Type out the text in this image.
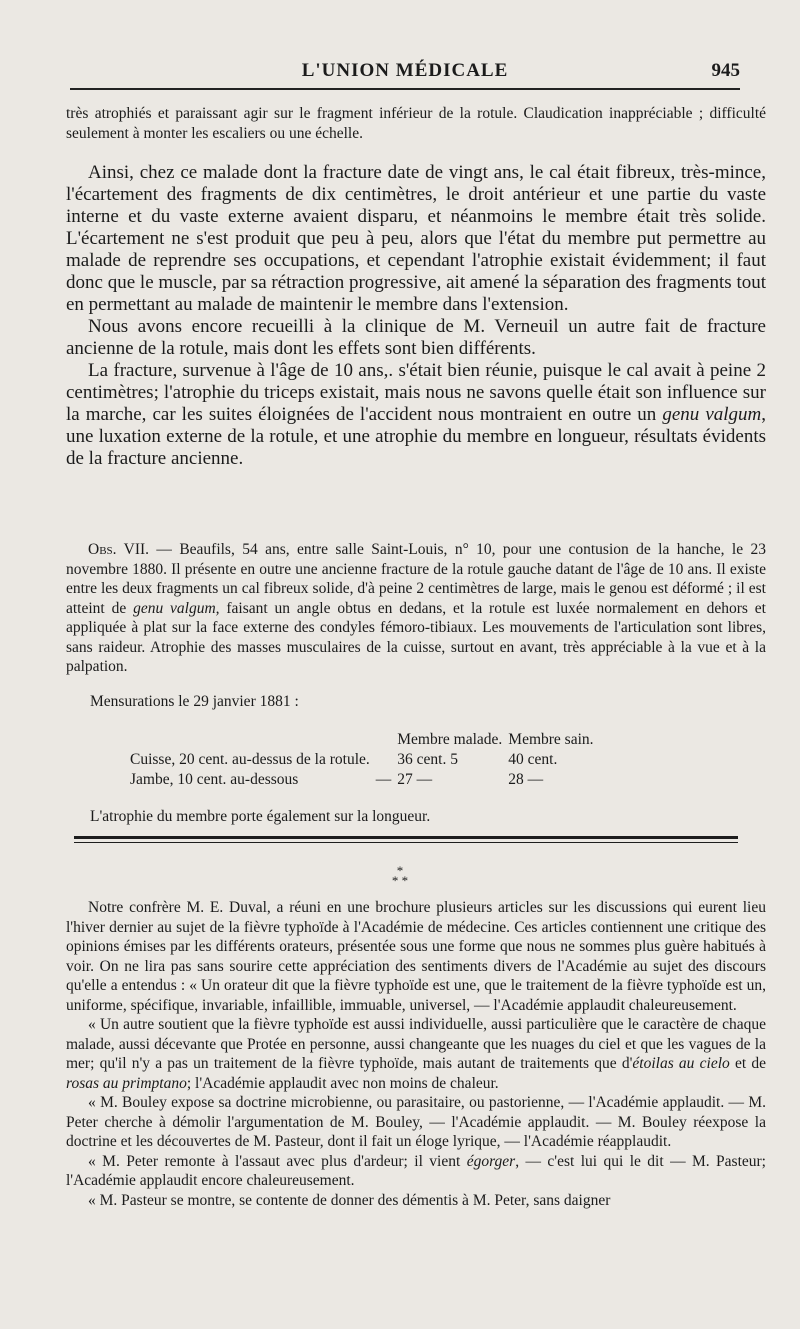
L'UNION MÉDICALE	945

très atrophiés et paraissant agir sur le fragment inférieur de la rotule. Claudication inappréciable ; difficulté seulement à monter les escaliers ou une échelle.

Ainsi, chez ce malade dont la fracture date de vingt ans, le cal était fibreux, très-mince, l'écartement des fragments de dix centimètres, le droit antérieur et une partie du vaste interne et du vaste externe avaient disparu, et néanmoins le membre était très solide. L'écartement ne s'est produit que peu à peu, alors que l'état du membre put permettre au malade de reprendre ses occupations, et cependant l'atrophie existait évidemment; il faut donc que le muscle, par sa rétraction progressive, ait amené la séparation des fragments tout en permettant au malade de maintenir le membre dans l'extension.

Nous avons encore recueilli à la clinique de M. Verneuil un autre fait de fracture ancienne de la rotule, mais dont les effets sont bien différents.

La fracture, survenue à l'âge de 10 ans,. s'était bien réunie, puisque le cal avait à peine 2 centimètres; l'atrophie du triceps existait, mais nous ne savons quelle était son influence sur la marche, car les suites éloignées de l'accident nous montraient en outre un genu valgum, une luxation externe de la rotule, et une atrophie du membre en longueur, résultats évidents de la fracture ancienne.

Obs. VII. — Beaufils, 54 ans, entre salle Saint-Louis, n° 10, pour une contusion de la hanche, le 23 novembre 1880. Il présente en outre une ancienne fracture de la rotule gauche datant de l'âge de 10 ans. Il existe entre les deux fragments un cal fibreux solide, d'à peine 2 centimètres de large, mais le genou est déformé ; il est atteint de genu valgum, faisant un angle obtus en dedans, et la rotule est luxée normalement en dehors et appliquée à plat sur la face externe des condyles fémoro-tibiaux. Les mouvements de l'articulation sont libres, sans raideur. Atrophie des masses musculaires de la cuisse, surtout en avant, très appréciable à la vue et à la palpation.

Mensurations le 29 janvier 1881 :
		Membre malade.	Membre sain.
Cuisse, 20 cent. au-dessus de la rotule.		36 cent. 5	40 cent.
Jambe, 10 cent. au-dessous	—	27 —	28 —
L'atrophie du membre porte également sur la longueur.
*
* *

Notre confrère M. E. Duval, a réuni en une brochure plusieurs articles sur les discussions qui eurent lieu l'hiver dernier au sujet de la fièvre typhoïde à l'Académie de médecine. Ces articles contiennent une critique des opinions émises par les différents orateurs, présentée sous une forme que nous ne sommes plus guère habitués à voir. On ne lira pas sans sourire cette appréciation des sentiments divers de l'Académie au sujet des discours qu'elle a entendus : « Un orateur dit que la fièvre typhoïde est une, que le traitement de la fièvre typhoïde est un, uniforme, spécifique, invariable, infaillible, immuable, universel, — l'Académie applaudit chaleureusement.

« Un autre soutient que la fièvre typhoïde est aussi individuelle, aussi particulière que le caractère de chaque malade, aussi décevante que Protée en personne, aussi changeante que les nuages du ciel et que les vagues de la mer; qu'il n'y a pas un traitement de la fièvre typhoïde, mais autant de traitements que d'étoilas au cielo et de rosas au primptano; l'Académie applaudit avec non moins de chaleur.

« M. Bouley expose sa doctrine microbienne, ou parasitaire, ou pastorienne, — l'Académie applaudit. — M. Peter cherche à démolir l'argumentation de M. Bouley, — l'Académie applaudit. — M. Bouley réexpose la doctrine et les découvertes de M. Pasteur, dont il fait un éloge lyrique, — l'Académie réapplaudit.

« M. Peter remonte à l'assaut avec plus d'ardeur; il vient égorger, — c'est lui qui le dit — M. Pasteur; l'Académie applaudit encore chaleureusement.

« M. Pasteur se montre, se contente de donner des démentis à M. Peter, sans daigner
